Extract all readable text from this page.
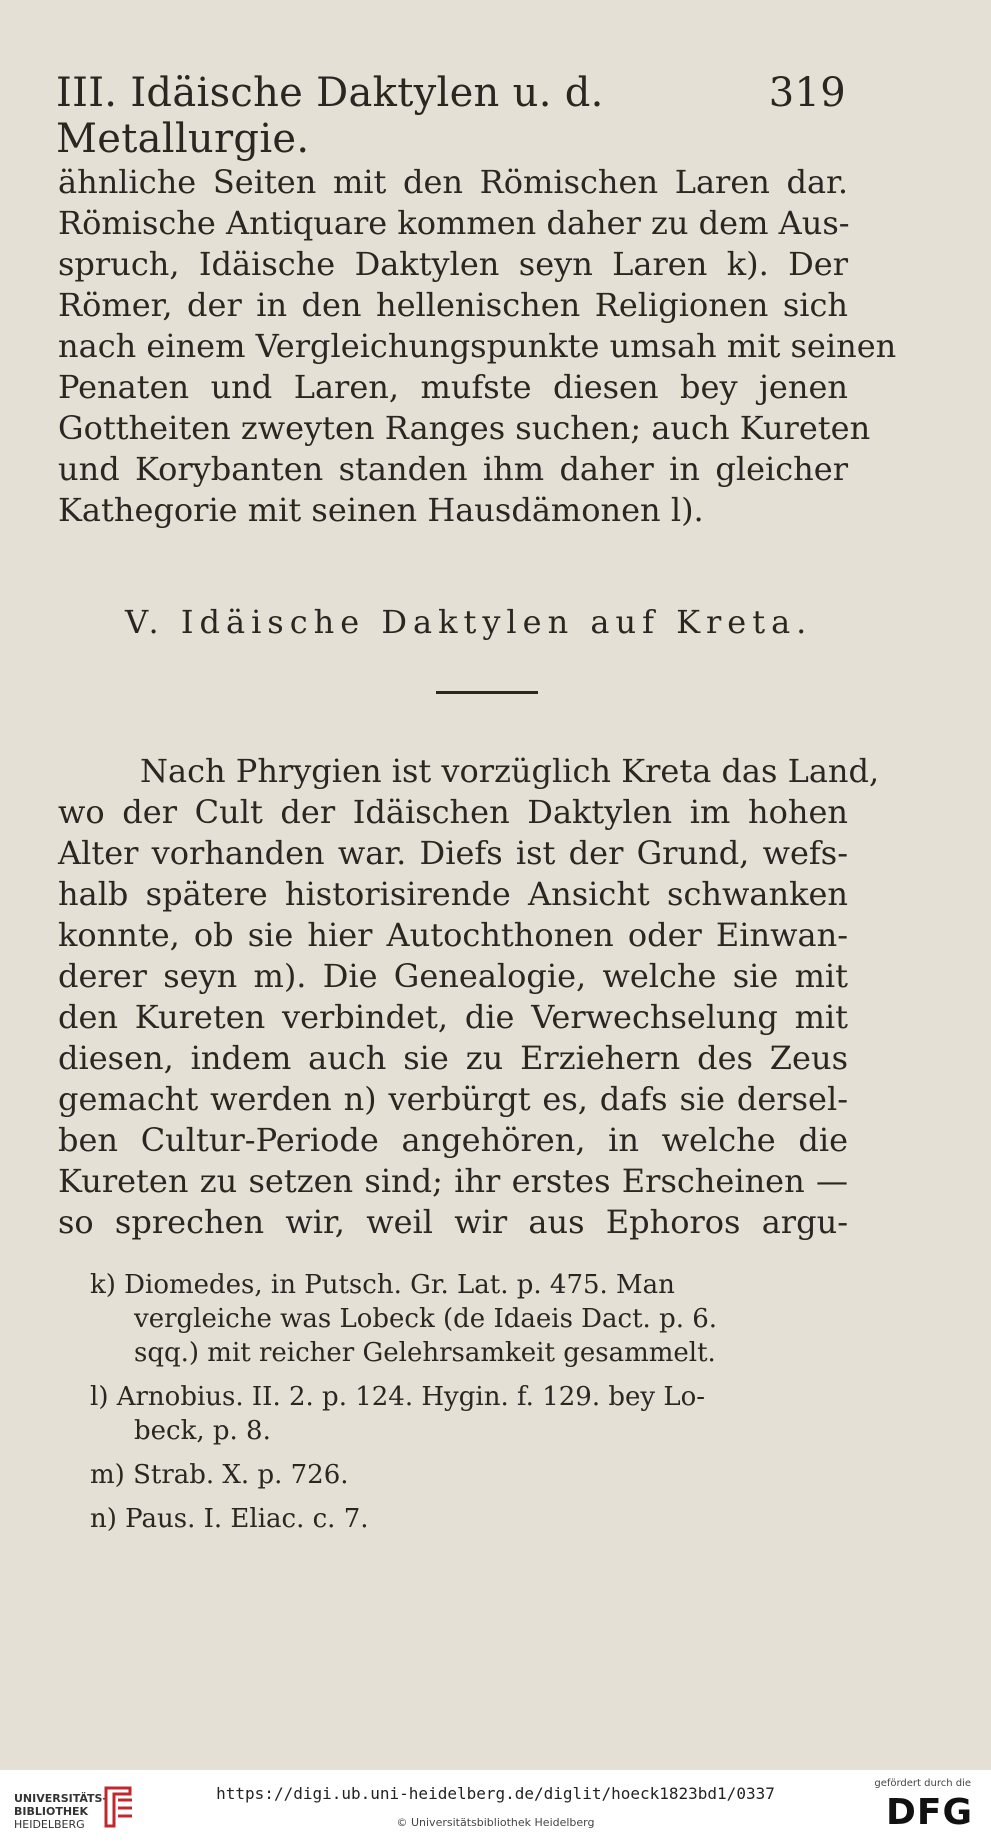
III. Idäische Daktylen u. d. Metallurgie.
319
ähnliche Seiten mit den Römischen Laren dar.
Römische Antiquare kommen daher zu dem Aus-
spruch, Idäische Daktylen seyn Laren k). Der
Römer, der in den hellenischen Religionen sich
nach einem Vergleichungspunkte umsah mit seinen
Penaten und Laren, mufste diesen bey jenen
Gottheiten zweyten Ranges suchen; auch Kureten
und Korybanten standen ihm daher in gleicher
Kathegorie mit seinen Hausdämonen l).
V. Idäische Daktylen auf Kreta.
Nach Phrygien ist vorzüglich Kreta das Land,
wo der Cult der Idäischen Daktylen im hohen
Alter vorhanden war. Diefs ist der Grund, wefs-
halb spätere historisirende Ansicht schwanken
konnte, ob sie hier Autochthonen oder Einwan-
derer seyn m). Die Genealogie, welche sie mit
den Kureten verbindet, die Verwechselung mit
diesen, indem auch sie zu Erziehern des Zeus
gemacht werden n) verbürgt es, dafs sie dersel-
ben Cultur-Periode angehören, in welche die
Kureten zu setzen sind; ihr erstes Erscheinen —
so sprechen wir, weil wir aus Ephoros argu-
k) Diomedes, in Putsch. Gr. Lat. p. 475. Man
vergleiche was Lobeck (de Idaeis Dact. p. 6.
sqq.) mit reicher Gelehrsamkeit gesammelt.
l) Arnobius. II. 2. p. 124. Hygin. f. 129. bey Lo-
beck, p. 8.
m) Strab. X. p. 726.
n) Paus. I. Eliac. c. 7.
UNIVERSITÄTS-
BIBLIOTHEK
HEIDELBERG
https://digi.ub.uni-heidelberg.de/diglit/hoeck1823bd1/0337
© Universitätsbibliothek Heidelberg
gefördert durch die
DFG
